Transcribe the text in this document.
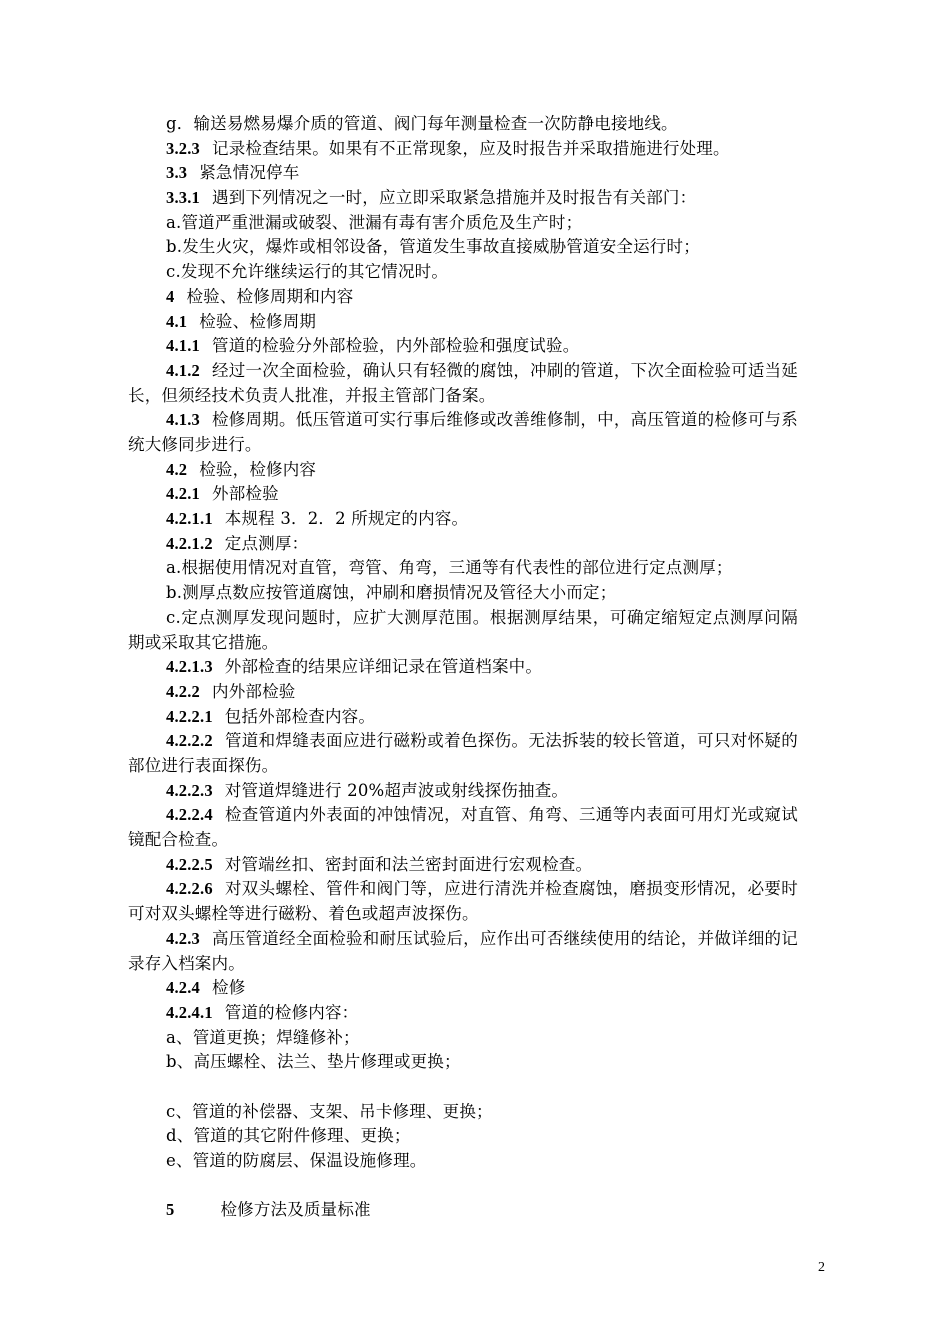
g．输送易燃易爆介质的管道、阀门每年测量检查一次防静电接地线。
3.2.3 记录检查结果。如果有不正常现象，应及时报告并采取措施进行处理。
3.3 紧急情况停车
3.3.1 遇到下列情况之一时，应立即采取紧急措施并及时报告有关部门：
a.管道严重泄漏或破裂、泄漏有毒有害介质危及生产时；
b.发生火灾，爆炸或相邻设备，管道发生事故直接威胁管道安全运行时；
c.发现不允许继续运行的其它情况时。
4 检验、检修周期和内容
4.1 检验、检修周期
4.1.1 管道的检验分外部检验，内外部检验和强度试验。
4.1.2 经过一次全面检验，确认只有轻微的腐蚀，冲刷的管道，下次全面检验可适当延长，但须经技术负责人批准，并报主管部门备案。
4.1.3 检修周期。低压管道可实行事后维修或改善维修制，中，高压管道的检修可与系统大修同步进行。
4.2 检验，检修内容
4.2.1 外部检验
4.2.1.1 本规程 3．2．2 所规定的内容。
4.2.1.2 定点测厚：
a.根据使用情况对直管，弯管、角弯，三通等有代表性的部位进行定点测厚；
b.测厚点数应按管道腐蚀，冲刷和磨损情况及管径大小而定；
c.定点测厚发现问题时，应扩大测厚范围。根据测厚结果，可确定缩短定点测厚问隔期或采取其它措施。
4.2.1.3 外部检查的结果应详细记录在管道档案中。
4.2.2 内外部检验
4.2.2.1 包括外部检查内容。
4.2.2.2 管道和焊缝表面应进行磁粉或着色探伤。无法拆装的较长管道，可只对怀疑的部位进行表面探伤。
4.2.2.3 对管道焊缝进行 20%超声波或射线探伤抽查。
4.2.2.4 检查管道内外表面的冲蚀情况，对直管、角弯、三通等内表面可用灯光或窥试镜配合检查。
4.2.2.5 对管端丝扣、密封面和法兰密封面进行宏观检查。
4.2.2.6 对双头螺栓、管件和阀门等，应进行清洗并检查腐蚀，磨损变形情况，必要时可对双头螺栓等进行磁粉、着色或超声波探伤。
4.2.3 高压管道经全面检验和耐压试验后，应作出可否继续使用的结论，并做详细的记录存入档案内。
4.2.4 检修
4.2.4.1 管道的检修内容：
a、管道更换；焊缝修补；
b、高压螺栓、法兰、垫片修理或更换；
c、管道的补偿器、支架、吊卡修理、更换；
d、管道的其它附件修理、更换；
e、管道的防腐层、保温设施修理。
5	检修方法及质量标准
2
